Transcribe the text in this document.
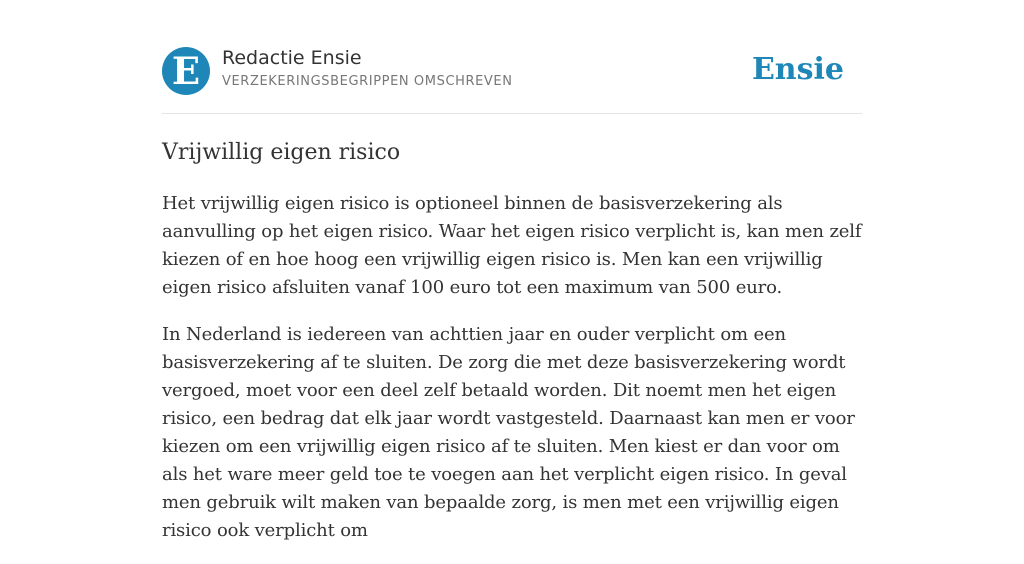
E	Redactie Ensie
VERZEKERINGSBEGRIPPEN OMSCHREVEN	Ensie
Vrijwillig eigen risico

Het vrijwillig eigen risico is optioneel binnen de basisverzekering als aanvulling op het eigen risico. Waar het eigen risico verplicht is, kan men zelf kiezen of en hoe hoog een vrijwillig eigen risico is. Men kan een vrijwillig eigen risico afsluiten vanaf 100 euro tot een maximum van 500 euro.

In Nederland is iedereen van achttien jaar en ouder verplicht om een basisverzekering af te sluiten. De zorg die met deze basisverzekering wordt vergoed, moet voor een deel zelf betaald worden. Dit noemt men het eigen risico, een bedrag dat elk jaar wordt vastgesteld. Daarnaast kan men er voor kiezen om een vrijwillig eigen risico af te sluiten. Men kiest er dan voor om als het ware meer geld toe te voegen aan het verplicht eigen risico. In geval men gebruik wilt maken van bepaalde zorg, is men met een vrijwillig eigen risico ook verplicht om
